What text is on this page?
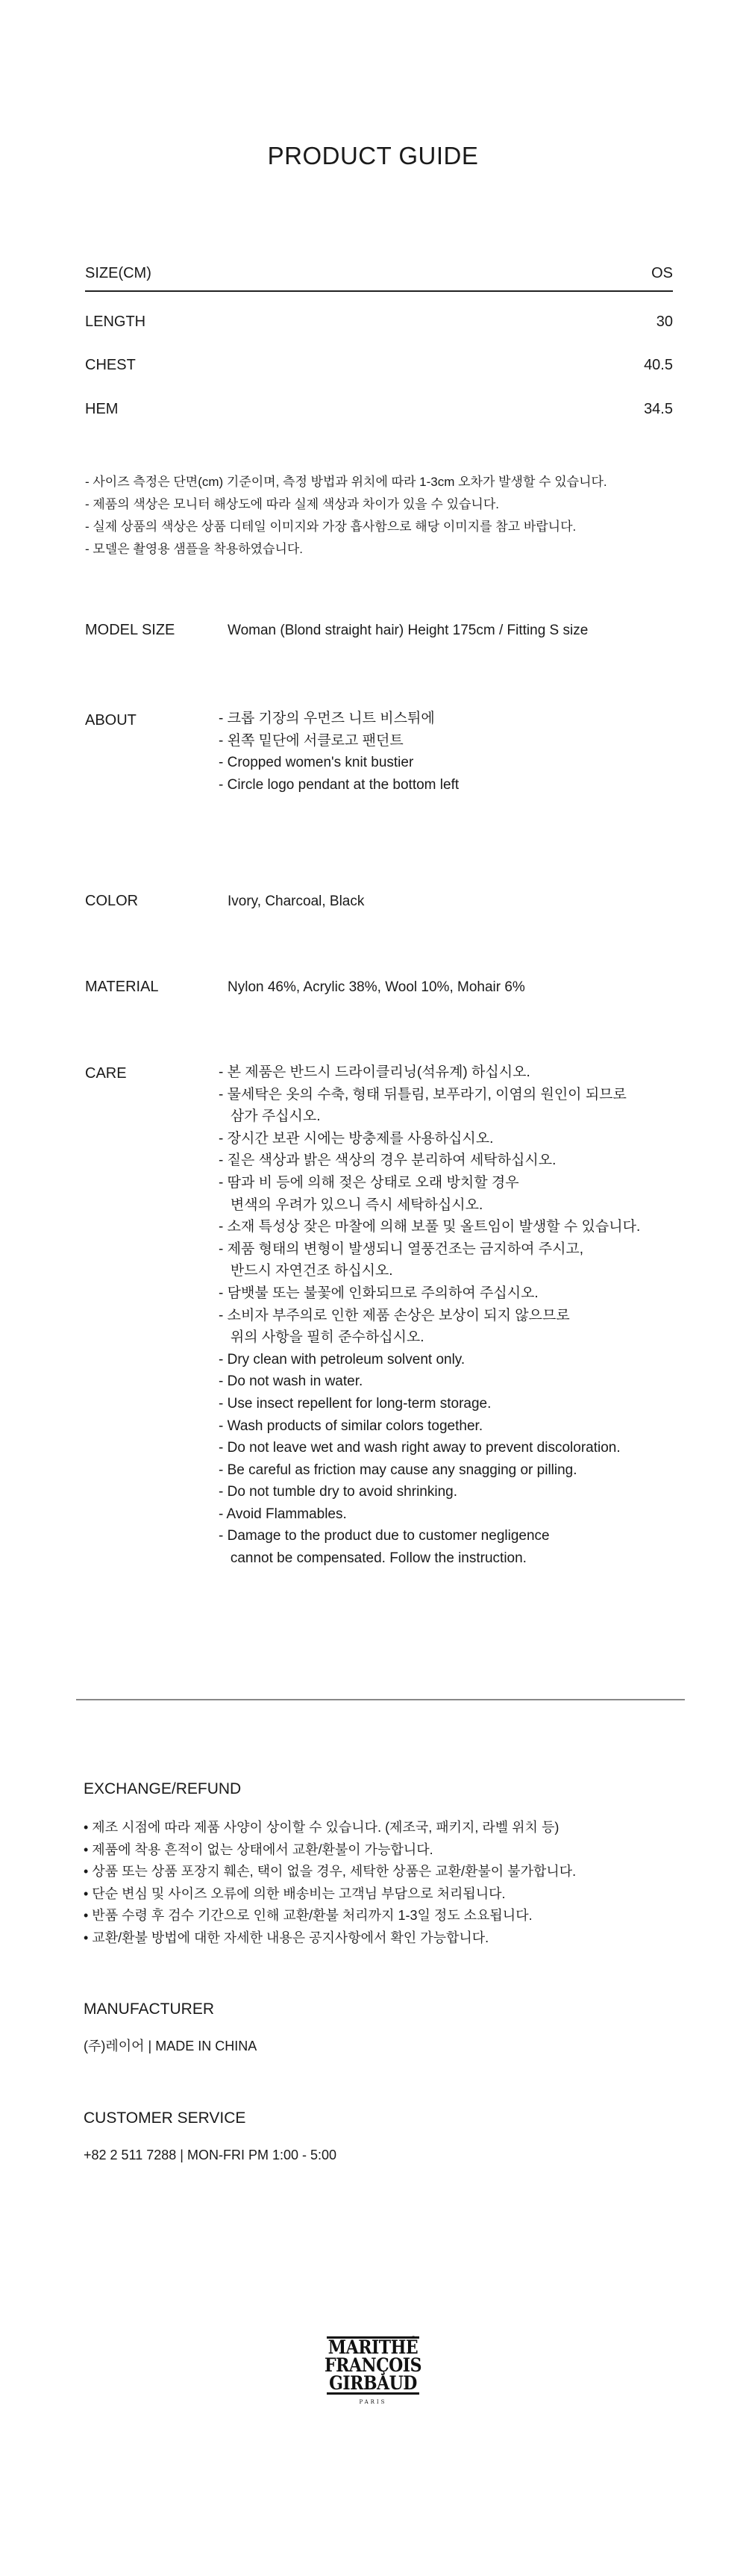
PRODUCT GUIDE
SIZE(CM)	OS
LENGTH	30
CHEST	40.5
HEM	34.5
- 사이즈 측정은 단면(cm) 기준이며, 측정 방법과 위치에 따라 1-3cm 오차가 발생할 수 있습니다.
- 제품의 색상은 모니터 해상도에 따라 실제 색상과 차이가 있을 수 있습니다.
- 실제 상품의 색상은 상품 디테일 이미지와 가장 흡사함으로 해당 이미지를 참고 바랍니다.
- 모델은 촬영용 샘플을 착용하였습니다.
MODEL SIZE	Woman (Blond straight hair) Height 175cm / Fitting S size
ABOUT	- 크롭 기장의 우먼즈 니트 비스튀에
- 왼쪽 밑단에 서클로고 팬던트
- Cropped women's knit bustier
- Circle logo pendant at the bottom left
COLOR	Ivory, Charcoal, Black
MATERIAL	Nylon 46%, Acrylic 38%, Wool 10%, Mohair 6%
CARE	- 본 제품은 반드시 드라이클리닝(석유계) 하십시오.
- 물세탁은 옷의 수축, 형태 뒤틀림, 보푸라기, 이염의 원인이 되므로
삼가 주십시오.
- 장시간 보관 시에는 방충제를 사용하십시오.
- 짙은 색상과 밝은 색상의 경우 분리하여 세탁하십시오.
- 땀과 비 등에 의해 젖은 상태로 오래 방치할 경우
변색의 우려가 있으니 즉시 세탁하십시오.
- 소재 특성상 잦은 마찰에 의해 보풀 및 올트임이 발생할 수 있습니다.
- 제품 형태의 변형이 발생되니 열풍건조는 금지하여 주시고,
반드시 자연건조 하십시오.
- 담뱃불 또는 불꽃에 인화되므로 주의하여 주십시오.
- 소비자 부주의로 인한 제품 손상은 보상이 되지 않으므로
위의 사항을 필히 준수하십시오.
- Dry clean with petroleum solvent only.
- Do not wash in water.
- Use insect repellent for long-term storage.
- Wash products of similar colors together.
- Do not leave wet and wash right away to prevent discoloration.
- Be careful as friction may cause any snagging or pilling.
- Do not tumble dry to avoid shrinking.
- Avoid Flammables.
- Damage to the product due to customer negligence
cannot be compensated. Follow the instruction.
EXCHANGE/REFUND
• 제조 시점에 따라 제품 사양이 상이할 수 있습니다. (제조국, 패키지, 라벨 위치 등)
• 제품에 착용 흔적이 없는 상태에서 교환/환불이 가능합니다.
• 상품 또는 상품 포장지 훼손, 택이 없을 경우, 세탁한 상품은 교환/환불이 불가합니다.
• 단순 변심 및 사이즈 오류에 의한 배송비는 고객님 부담으로 처리됩니다.
• 반품 수령 후 검수 기간으로 인해 교환/환불 처리까지 1-3일 정도 소요됩니다.
• 교환/환불 방법에 대한 자세한 내용은 공지사항에서 확인 가능합니다.
MANUFACTURER
(주)레이어 | MADE IN CHINA
CUSTOMER SERVICE
+82 2 511 7288 | MON-FRI PM 1:00 - 5:00
MARITHÉ
FRANÇOIS
GIRBAUD
PARIS
